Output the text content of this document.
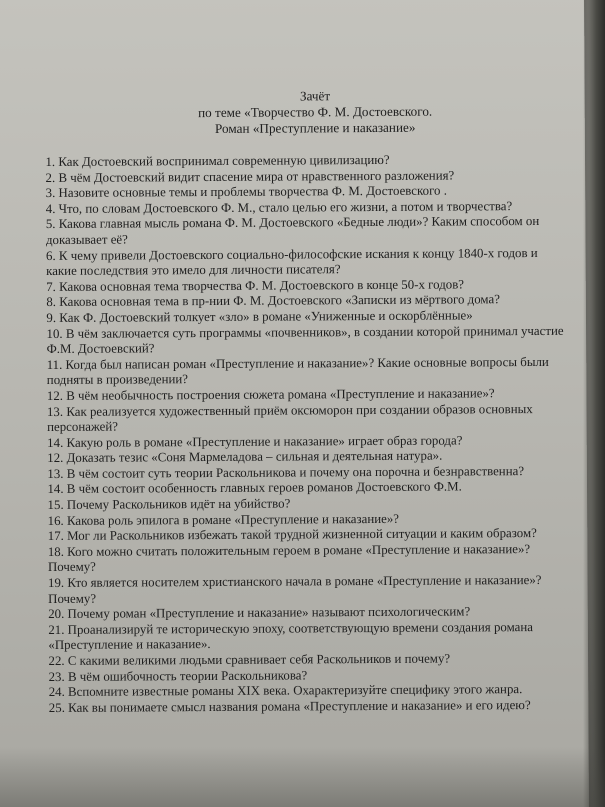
Зачёт
по теме «Творчество Ф. М. Достоевского.
Роман «Преступление и наказание»

1. Как Достоевский воспринимал современную цивилизацию?

2. В чём Достоевский видит спасение мира от нравственного разложения?

3. Назовите основные темы и проблемы творчества Ф. М. Достоевского .

4. Что, по словам Достоевского Ф. М., стало целью его жизни, а потом и творчества?

5. Какова главная мысль романа Ф. М. Достоевского «Бедные люди»? Каким способом он доказывает её?

6. К чему привели Достоевского социально-философские искания к концу 1840-х годов и какие последствия это имело для личности писателя?

7. Какова основная тема творчества Ф. М. Достоевского в конце 50-х годов?

8. Какова основная тема в пр-нии Ф. М. Достоевского «Записки из мёртвого дома?

9. Как Ф. Достоевский толкует «зло» в романе «Униженные и оскорблённые»

10. В чём заключается суть программы «почвенников», в создании которой принимал участие Ф.М. Достоевский?

11. Когда был написан роман «Преступление и наказание»? Какие основные вопросы были подняты в произведении?

12. В чём необычность построения сюжета романа «Преступление и наказание»?

13. Как реализуется художественный приём оксюморон при создании образов основных персонажей?

14. Какую роль в романе «Преступление и наказание» играет образ города?

12. Доказать тезис «Соня Мармеладова – сильная и деятельная натура».

13. В чём состоит суть теории Раскольникова и почему она порочна и безнравственна?

14. В чём состоит особенность главных героев романов Достоевского Ф.М.

15. Почему Раскольников идёт на убийство?

16. Какова роль эпилога в романе «Преступление и наказание»?

17. Мог ли Раскольников избежать такой трудной жизненной ситуации и каким образом?

18. Кого можно считать положительным героем в романе «Преступление и наказание»? Почему?

19. Кто является носителем христианского начала в романе «Преступление и наказание»? Почему?

20. Почему роман «Преступление и наказание» называют психологическим?

21. Проанализируй те историческую эпоху, соответствующую времени создания романа «Преступление и наказание».

22. С какими великими людьми сравнивает себя Раскольников и почему?

23. В чём ошибочность теории Раскольникова?

24. Вспомните известные романы XIX века. Охарактеризуйте специфику этого жанра.

25. Как вы понимаете смысл названия романа «Преступление и наказание» и его идею?
